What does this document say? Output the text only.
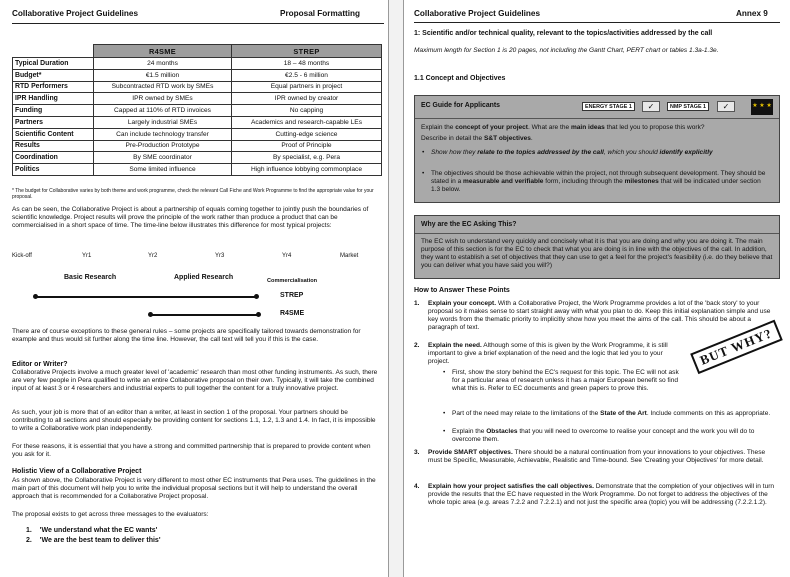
Collaborative Project Guidelines	Proposal Formatting
	R4SME	STREP
Typical Duration	24 months	18 – 48 months
Budget*	€1.5 million	€2.5 - 6 million
RTD Performers	Subcontracted RTD work by SMEs	Equal partners in project
IPR Handling	IPR owned by SMEs	IPR owned by creator
Funding	Capped at 110% of RTD invoices	No capping
Partners	Largely industrial SMEs	Academics and research-capable LEs
Scientific Content	Can include technology transfer	Cutting-edge science
Results	Pre-Production Prototype	Proof of Principle
Coordination	By SME coordinator	By specialist, e.g. Pera
Politics	Some limited influence	High influence lobbying commonplace
* The budget for Collaborative varies by both theme and work programme, check the relevant Call Fiche and Work Programme to find the appropriate value for your proposal.
As can be seen, the Collaborative Project is about a partnership of equals coming together to jointly push the boundaries of scientific knowledge. Project results will prove the principle of the work rather than produce a product that can be commercialised in a short space of time. The time-line below illustrates this difference for most typical projects:
Kick-off	Yr1	Yr2	Yr3	Yr4	Market
Basic Research	Applied Research	Commercialisation
STREP
R4SME
There are of course exceptions to these general rules – some projects are specifically tailored towards demonstration for example and thus would sit further along the time line. However, the call text will tell you if this is the case.
Editor or Writer?
Collaborative Projects involve a much greater level of 'academic' research than most other funding instruments. As such, there are very few people in Pera qualified to write an entire Collaborative proposal on their own. Typically, it will take the combined input of at least 3 or 4 researchers and industrial experts to pull together the content for a truly innovative project.
As such, your job is more that of an editor than a writer, at least in section 1 of the proposal. Your partners should be contributing to all sections and should especially be providing content for sections 1.1, 1.2, 1.3 and 1.4. In fact, it is impossible to write a Collaborative work plan independently.
For these reasons, it is essential that you have a strong and committed partnership that is prepared to provide content when you ask for it.
Holistic View of a Collaborative Project
As shown above, the Collaborative Project is very different to most other EC instruments that Pera uses. The guidelines in the main part of this document will help you to write the individual proposal sections but it will help to understand the overall approach that is recommended for a Collaborative Project proposal.
The proposal exists to get across three messages to the evaluators:
1. 'We understand what the EC wants'
2. 'We are the best team to deliver this'
Collaborative Project Guidelines	Annex 9
1: Scientific and/or technical quality, relevant to the topics/activities addressed by the call
Maximum length for Section 1 is 20 pages, not including the Gantt Chart, PERT chart or tables 1.3a-1.3e.
1.1 Concept and Objectives
EC Guide for Applicants	ENERGY STAGE 1	✓	NMP STAGE 1	✓	★ ★ ★
Explain the concept of your project. What are the main ideas that led you to propose this work?
Describe in detail the S&T objectives.
• Show how they relate to the topics addressed by the call, which you should identify explicitly
• The objectives should be those achievable within the project, not through subsequent development. They should be stated in a measurable and verifiable form, including through the milestones that will be indicated under section 1.3 below.
Why are the EC Asking This?
The EC wish to understand very quickly and concisely what it is that you are doing and why you are doing it. The main purpose of this section is for the EC to check that what you are doing is in line with the objectives of the call. In addition, they want to establish a set of objectives that they can use to get a feel for the project's feasibility (i.e. do they believe that you can deliver what you have said you will?)
How to Answer These Points
1. Explain your concept. With a Collaborative Project, the Work Programme provides a lot of the 'back story' to your proposal so it makes sense to start straight away with what you plan to do. Keep this initial explanation simple and use key words from the thematic priority to implicitly show how you meet the aims of the call. This should be about a paragraph of text.
2. Explain the need. Although some of this is given by the Work Programme, it is still important to give a brief explanation of the need and the logic that led you to your project.
• First, show the story behind the EC's request for this topic. The EC will not ask for a particular area of research unless it has a major European benefit so find what this is. Refer to EC documents and green papers to prove this.
• Part of the need may relate to the limitations of the State of the Art. Include comments on this as appropriate.
• Explain the Obstacles that you will need to overcome to realise your concept and the work you will do to overcome them.
3. Provide SMART objectives. There should be a natural continuation from your innovations to your objectives. These must be Specific, Measurable, Achievable, Realistic and Time-bound. See 'Creating your Objectives' for more detail.
4. Explain how your project satisfies the call objectives. Demonstrate that the completion of your objectives will in turn provide the results that the EC have requested in the Work Programme. Do not forget to address the objectives of the whole topic area (e.g. areas 7.2.2 and 7.2.2.1) and not just the specific area (topic) you will be addressing (7.2.2.1.2).
BUT WHY?
